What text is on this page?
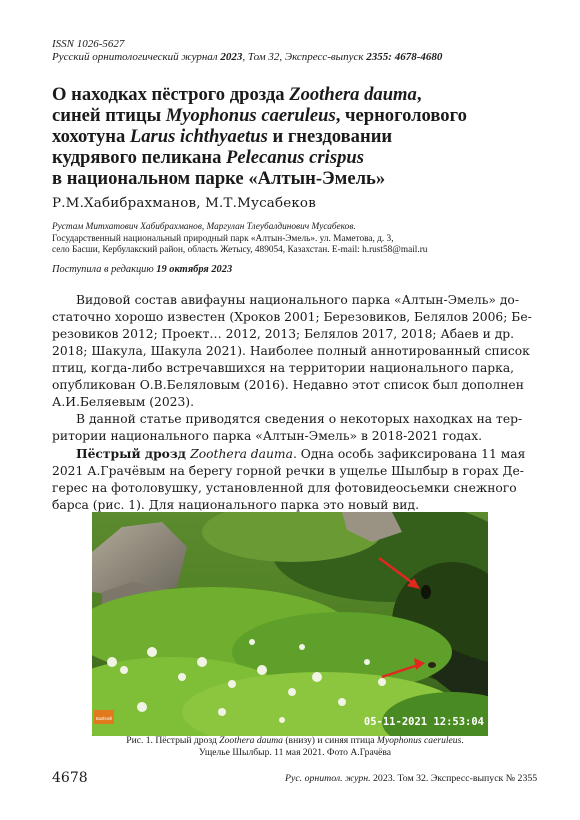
ISSN 1026-5627
Русский орнитологический журнал 2023, Том 32, Экспресс-выпуск 2355: 4678-4680
О находках пёстрого дрозда Zoothera dauma,
синей птицы Myophonus caeruleus, черноголового
хохотуна Larus ichthyaetus и гнездовании
кудрявого пеликана Pelecanus crispus
в национальном парке «Алтын-Эмель»
Р.М.Хабибрахманов, М.Т.Мусабеков
Рустам Митхатович Хабибрахманов, Маргулан Тлеубалдинович Мусабеков.
Государственный национальный природный парк «Алтын-Эмель». ул. Маметова, д. 3,
село Басши, Кербулакский район, область Жетысу, 489054, Казахстан. E-mail: h.rust58@mail.ru
Поступила в редакцию 19 октября 2023
Видовой состав авифауны национального парка «Алтын-Эмель» до-
статочно хорошо известен (Хроков 2001; Березовиков, Белялов 2006; Бе-
резовиков 2012; Проект… 2012, 2013; Белялов 2017, 2018; Абаев и др.
2018; Шакула, Шакула 2021). Наиболее полный аннотированный список
птиц, когда-либо встречавшихся на территории национального парка,
опубликован О.В.Беляловым (2016). Недавно этот список был дополнен
А.И.Беляевым (2023).
В данной статье приводятся сведения о некоторых находках на тер-
ритории национального парка «Алтын-Эмель» в 2018-2021 годах.
Пёстрый дрозд Zoothera dauma. Одна особь зафиксирована 11 мая
2021 А.Грачёвым на берегу горной речки в ущелье Шылбыр в горах Де-
герес на фотоловушку, установленной для фотовидеосьемки снежного
барса (рис. 1). Для национального парка это новый вид.
Bushnell	05-11-2021 12:53:04
Рис. 1. Пёстрый дрозд Zoothera dauma (внизу) и синяя птица Myophonus caeruleus.
Ущелье Шылбыр. 11 мая 2021. Фото А.Грачёва
4678	Рус. орнитол. журн. 2023. Том 32. Экспресс-выпуск № 2355
